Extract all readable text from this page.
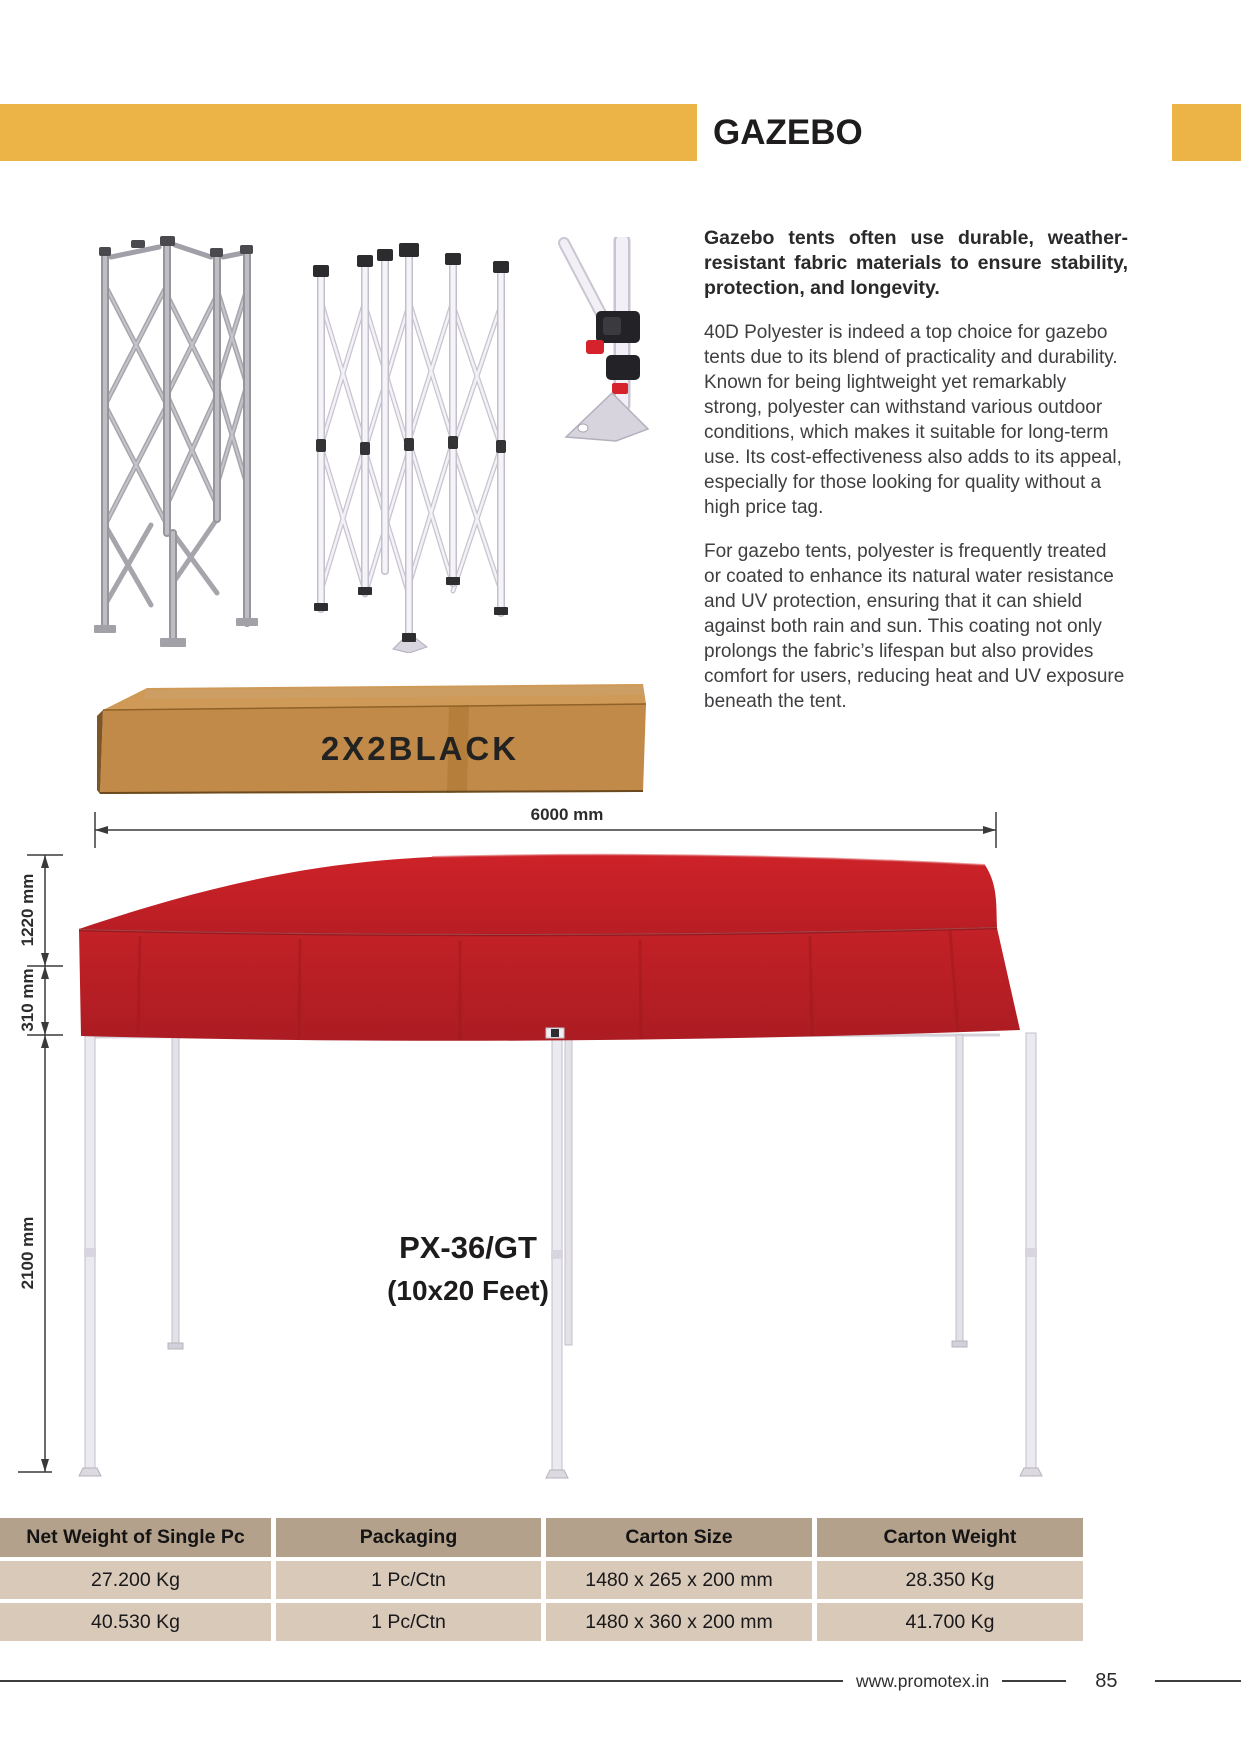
GAZEBO
2X2BLACK

Gazebo tents often use durable, weather-resistant fabric materials to ensure stability, protection, and longevity.

40D Polyester is indeed a top choice for gazebo tents due to its blend of practicality and durability. Known for being lightweight yet remarkably strong, polyester can withstand various outdoor conditions, which makes it suitable for long-term use. Its cost-effectiveness also adds to its appeal, especially for those looking for quality without a high price tag.

For gazebo tents, polyester is frequently treated or coated to enhance its natural water resistance and UV protection, ensuring that it can shield against both rain and sun. This coating not only prolongs the fabric’s lifespan but also provides comfort for users, reducing heat and UV exposure beneath the tent.

6000 mm
1220 mm
310 mm
2100 mm	PX-36/GT
(10x20 Feet)
Net Weight of Single Pc	Packaging	Carton Size	Carton Weight
27.200 Kg	1 Pc/Ctn	1480 x 265 x 200 mm	28.350 Kg
40.530 Kg	1 Pc/Ctn	1480 x 360 x 200 mm	41.700 Kg
www.promotex.in	85
